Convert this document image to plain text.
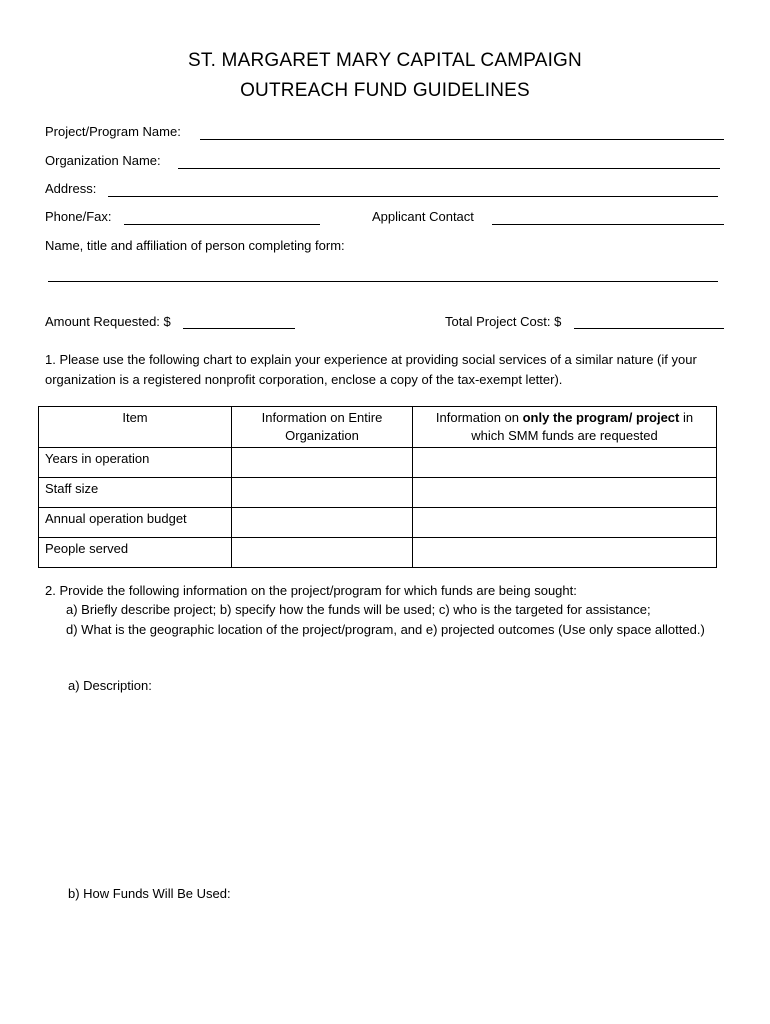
ST. MARGARET MARY CAPITAL CAMPAIGN
OUTREACH FUND GUIDELINES
Project/Program Name:
Organization Name:
Address:
Phone/Fax:	Applicant Contact
Name, title and affiliation of person completing form:
Amount Requested: $	Total Project Cost: $
1. Please use the following chart to explain your experience at providing social services of a similar nature (if your organization is a registered nonprofit corporation, enclose a copy of the tax-exempt letter).
Item	Information on Entire Organization	Information on only the program/ project in which SMM funds are requested
Years in operation		
Staff size		
Annual operation budget		
People served		
2. Provide the following information on the project/program for which funds are being sought:
a) Briefly describe project; b) specify how the funds will be used; c) who is the targeted for assistance;
d) What is the geographic location of the project/program, and e) projected outcomes (Use only space allotted.)
a) Description:
b) How Funds Will Be Used:
